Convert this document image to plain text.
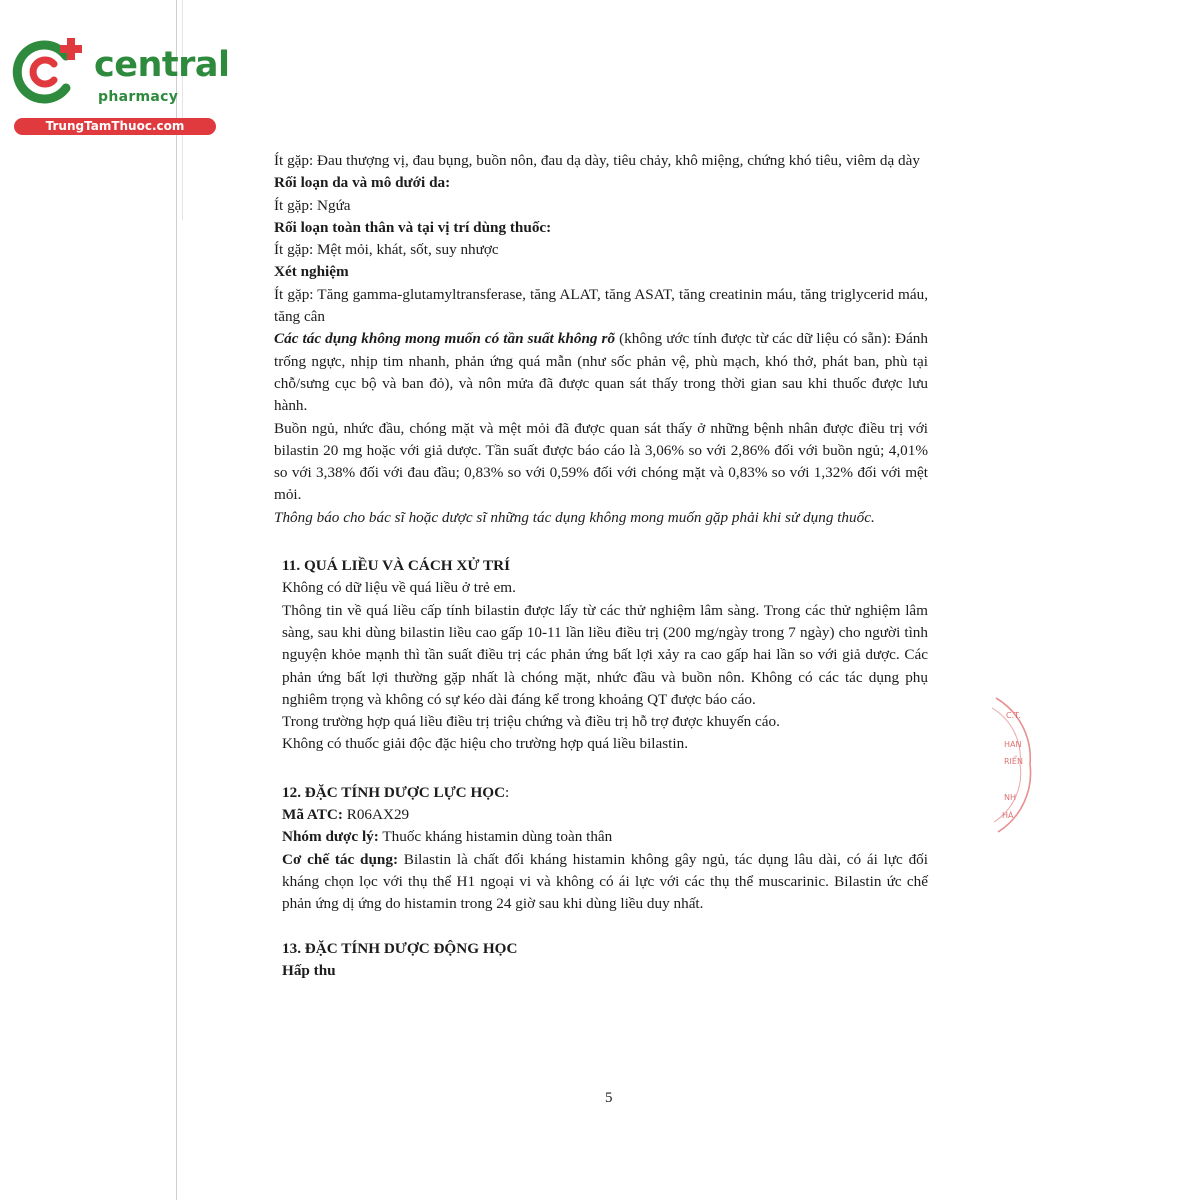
central
pharmacy
TrungTamThuoc.com

Ít gặp: Đau thượng vị, đau bụng, buồn nôn, đau dạ dày, tiêu chảy, khô miệng, chứng khó tiêu, viêm dạ dày

Rối loạn da và mô dưới da:

Ít gặp: Ngứa

Rối loạn toàn thân và tại vị trí dùng thuốc:

Ít gặp: Mệt mỏi, khát, sốt, suy nhược

Xét nghiệm

Ít gặp: Tăng gamma-glutamyltransferase, tăng ALAT, tăng ASAT, tăng creatinin máu, tăng triglycerid máu, tăng cân

Các tác dụng không mong muốn có tần suất không rõ (không ước tính được từ các dữ liệu có sẵn): Đánh trống ngực, nhịp tim nhanh, phản ứng quá mẫn (như sốc phản vệ, phù mạch, khó thở, phát ban, phù tại chỗ/sưng cục bộ và ban đỏ), và nôn mửa đã được quan sát thấy trong thời gian sau khi thuốc được lưu hành.

Buồn ngủ, nhức đầu, chóng mặt và mệt mỏi đã được quan sát thấy ở những bệnh nhân được điều trị với bilastin 20 mg hoặc với giả dược. Tần suất được báo cáo là 3,06% so với 2,86% đối với buồn ngủ; 4,01% so với 3,38% đối với đau đầu; 0,83% so với 0,59% đối với chóng mặt và 0,83% so với 1,32% đối với mệt mỏi.

Thông báo cho bác sĩ hoặc dược sĩ những tác dụng không mong muốn gặp phải khi sử dụng thuốc.

11. QUÁ LIỀU VÀ CÁCH XỬ TRÍ

Không có dữ liệu về quá liều ở trẻ em.

Thông tin về quá liều cấp tính bilastin được lấy từ các thử nghiệm lâm sàng. Trong các thử nghiệm lâm sàng, sau khi dùng bilastin liều cao gấp 10-11 lần liều điều trị (200 mg/ngày trong 7 ngày) cho người tình nguyện khỏe mạnh thì tần suất điều trị các phản ứng bất lợi xảy ra cao gấp hai lần so với giả dược. Các phản ứng bất lợi thường gặp nhất là chóng mặt, nhức đầu và buồn nôn. Không có các tác dụng phụ nghiêm trọng và không có sự kéo dài đáng kể trong khoảng QT được báo cáo.

Trong trường hợp quá liều điều trị triệu chứng và điều trị hỗ trợ được khuyến cáo.

Không có thuốc giải độc đặc hiệu cho trường hợp quá liều bilastin.

12. ĐẶC TÍNH DƯỢC LỰC HỌC:

Mã ATC: R06AX29

Nhóm dược lý: Thuốc kháng histamin dùng toàn thân

Cơ chế tác dụng: Bilastin là chất đối kháng histamin không gây ngủ, tác dụng lâu dài, có ái lực đối kháng chọn lọc với thụ thể H1 ngoại vi và không có ái lực với các thụ thể muscarinic. Bilastin ức chế phản ứng dị ứng do histamin trong 24 giờ sau khi dùng liều duy nhất.

13. ĐẶC TÍNH DƯỢC ĐỘNG HỌC

Hấp thu

5
C.T.
HAN
RIỂN
NH
HÀ
